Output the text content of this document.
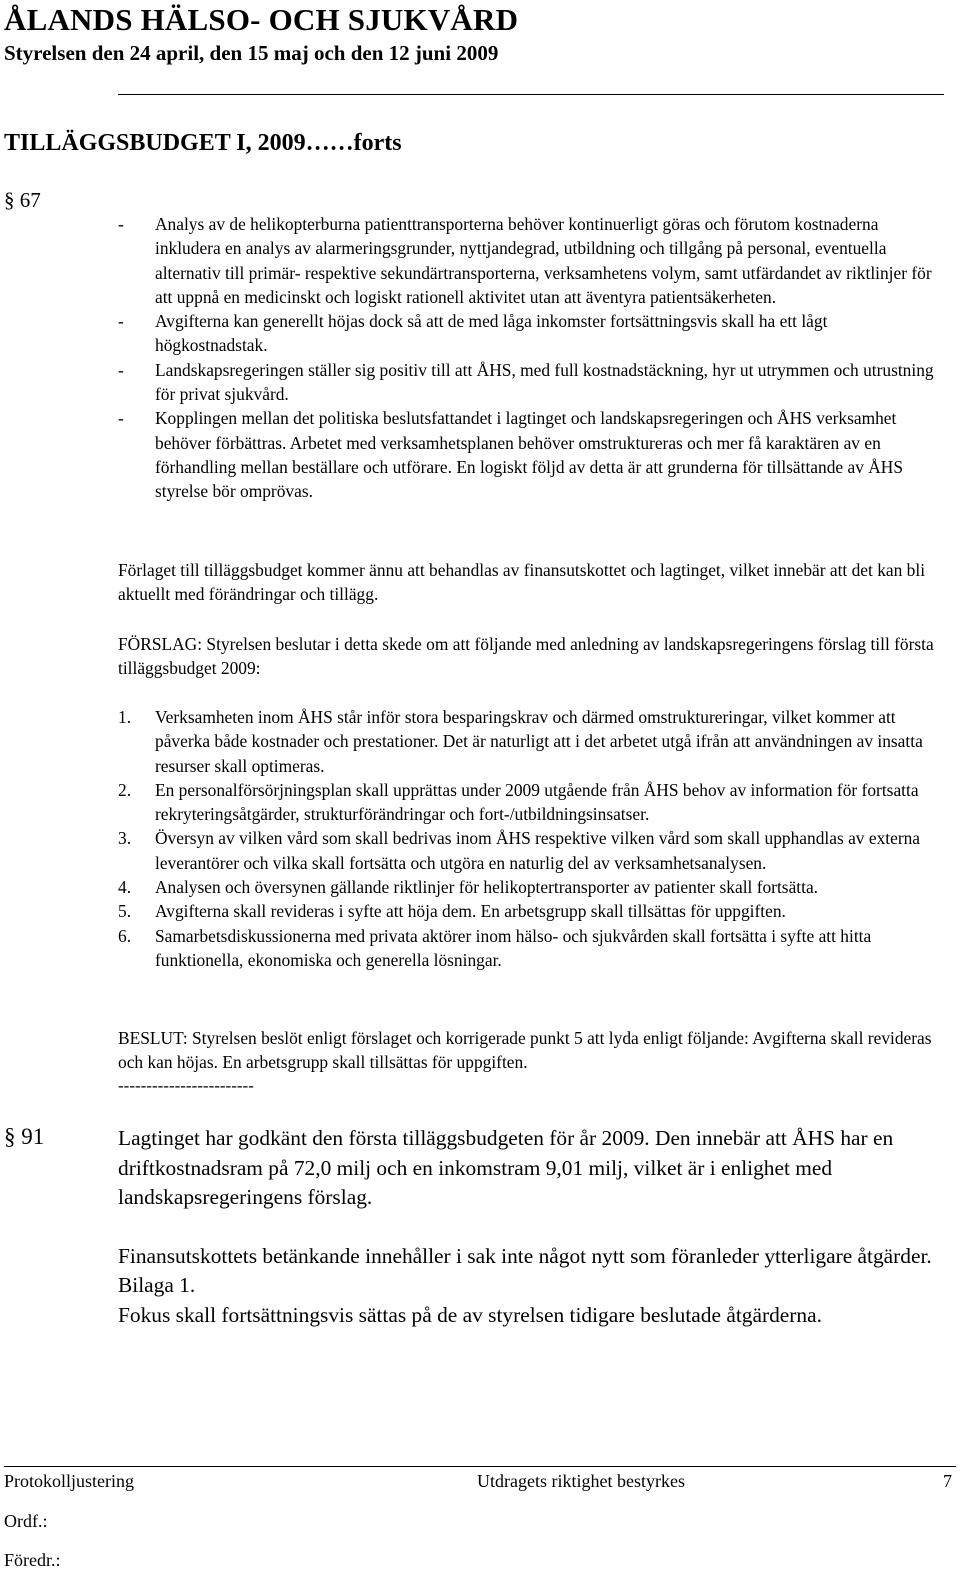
ÅLANDS HÄLSO- OCH SJUKVÅRD
Styrelsen den 24 april, den 15 maj och den 12 juni 2009
TILLÄGGSBUDGET I, 2009……forts
§ 67
- Analys av de helikopterburna patienttransporterna behöver kontinuerligt göras och förutom kostnaderna inkludera en analys av alarmeringsgrunder, nyttjandegrad, utbildning och tillgång på personal, eventuella alternativ till primär- respektive sekundärtransporterna, verksamhetens volym, samt utfärdandet av riktlinjer för att uppnå en medicinskt och logiskt rationell aktivitet utan att äventyra patientsäkerheten.
- Avgifterna kan generellt höjas dock så att de med låga inkomster fortsättningsvis skall ha ett lågt högkostnadstak.
- Landskapsregeringen ställer sig positiv till att ÅHS, med full kostnadstäckning, hyr ut utrymmen och utrustning för privat sjukvård.
- Kopplingen mellan det politiska beslutsfattandet i lagtinget och landskapsregeringen och ÅHS verksamhet behöver förbättras. Arbetet med verksamhetsplanen behöver omstruktureras och mer få karaktären av en förhandling mellan beställare och utförare. En logiskt följd av detta är att grunderna för tillsättande av ÅHS styrelse bör omprövas.
Förlaget till tilläggsbudget kommer ännu att behandlas av finansutskottet och lagtinget, vilket innebär att det kan bli aktuellt med förändringar och tillägg.
FÖRSLAG: Styrelsen beslutar i detta skede om att följande med anledning av landskapsregeringens förslag till första tilläggsbudget 2009:
1. Verksamheten inom ÅHS står inför stora besparingskrav och därmed omstruktureringar, vilket kommer att påverka både kostnader och prestationer. Det är naturligt att i det arbetet utgå ifrån att användningen av insatta resurser skall optimeras.
2. En personalförsörjningsplan skall upprättas under 2009 utgående från ÅHS behov av information för fortsatta rekryteringsåtgärder, strukturförändringar och fort-/utbildningsinsatser.
3. Översyn av vilken vård som skall bedrivas inom ÅHS respektive vilken vård som skall upphandlas av externa leverantörer och vilka skall fortsätta och utgöra en naturlig del av verksamhetsanalysen.
4. Analysen och översynen gällande riktlinjer för helikoptertransporter av patienter skall fortsätta.
5. Avgifterna skall revideras i syfte att höja dem. En arbetsgrupp skall tillsättas för uppgiften.
6. Samarbetsdiskussionerna med privata aktörer inom hälso- och sjukvården skall fortsätta i syfte att hitta funktionella, ekonomiska och generella lösningar.
BESLUT: Styrelsen beslöt enligt förslaget och korrigerade punkt 5 att lyda enligt följande: Avgifterna skall revideras och kan höjas. En arbetsgrupp skall tillsättas för uppgiften.
------------------------
§ 91	Lagtinget har godkänt den första tilläggsbudgeten för år 2009. Den innebär att ÅHS har en driftkostnadsram på 72,0 milj och en inkomstram 9,01 milj, vilket är i enlighet med landskapsregeringens förslag.
Finansutskottets betänkande innehåller i sak inte något nytt som föranleder ytterligare åtgärder. Bilaga 1.
Fokus skall fortsättningsvis sättas på de av styrelsen tidigare beslutade åtgärderna.
Protokolljustering	Utdragets riktighet bestyrkes	7
Ordf.:
Föredr.:
